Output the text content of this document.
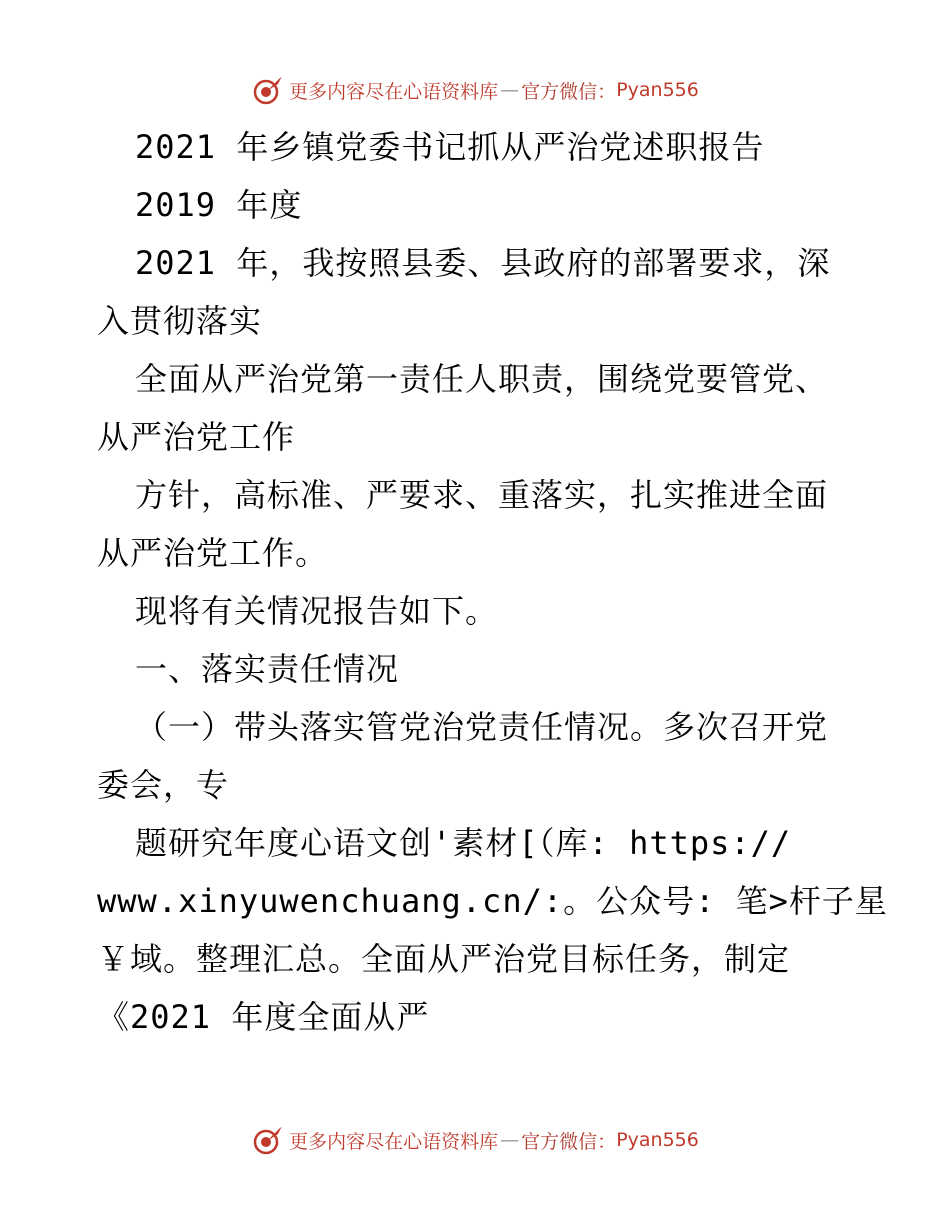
更多内容尽在心语资料库 — 官方微信： Pyan556
2021 年乡镇党委书记抓从严治党述职报告
2019 年度
2021 年，我按照县委、县政府的部署要求，深
入贯彻落实
全面从严治党第一责任人职责，围绕党要管党、
从严治党工作
方针，高标准、严要求、重落实，扎实推进全面
从严治党工作。
现将有关情况报告如下。
一、落实责任情况
（一）带头落实管党治党责任情况。多次召开党
委会，专
题研究年度心语文创'素材[（库: https://
www.xinyuwenchuang.cn/:。公众号: 笔>杆子星
￥域。整理汇总。全面从严治党目标任务，制定
《2021 年度全面从严
更多内容尽在心语资料库 — 官方微信： Pyan556
